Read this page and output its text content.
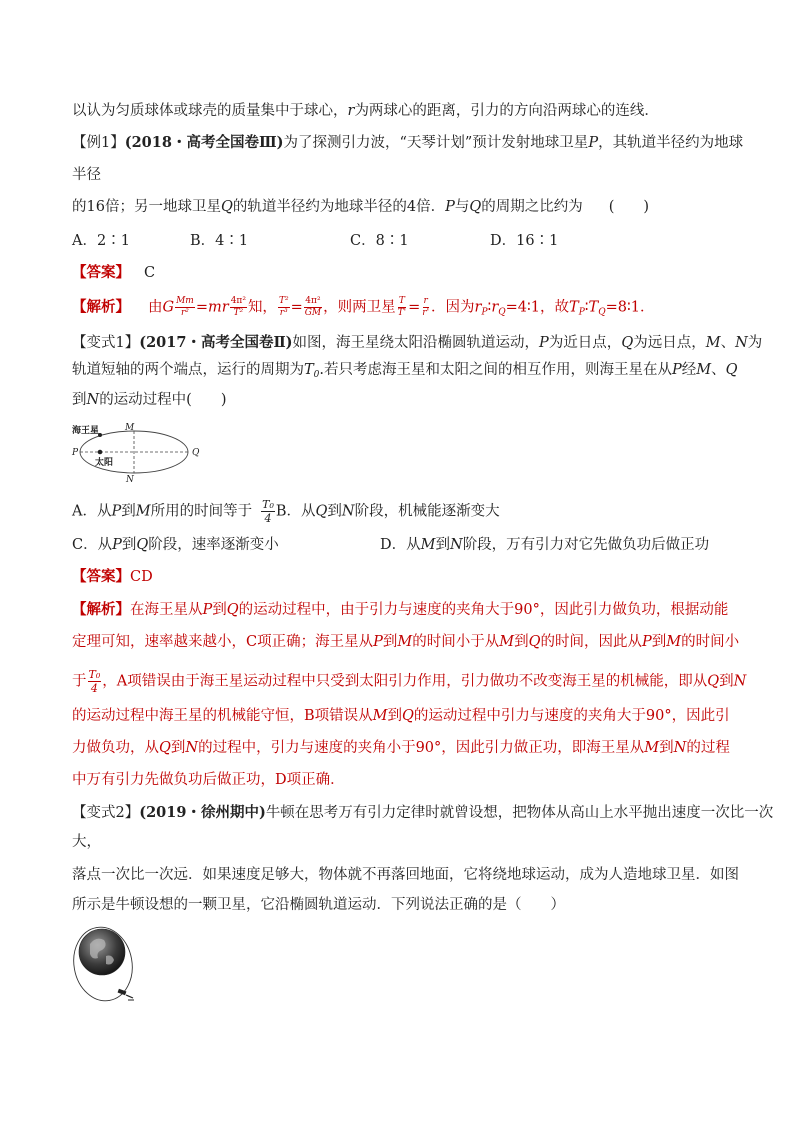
以认为匀质球体或球壳的质量集中于球心，r为两球心的距离，引力的方向沿两球心的连线．
【例1】(2018・高考全国卷Ⅲ)为了探测引力波，“天琴计划”预计发射地球卫星P，其轨道半径约为地球
半径
的16倍；另一地球卫星Q的轨道半径约为地球半径的4倍．P与Q的周期之比约为 (　　)
A．2∶1	B．4∶1	C．8∶1	D．16∶1
【答案】 C
【解析】 由G $\frac{Mm}{\text{r²}} =mr \frac{\text{4π²}}{\text{T²}}$ 知， $\frac{\text{T²}}{\text{r³}} = \frac{\text{4π²}}{GM}$ ，则两卫星 $\frac{T}{T'} = \frac{r}{r'}$ ．因为$r_P∶r_Q=4∶1$，故$T_P∶T_Q=8∶1$．
【变式1】(2017・高考全国卷Ⅱ)如图，海王星绕太阳沿椭圆轨道运动，P为近日点，Q为远日点，M、N为
轨道短轴的两个端点，运行的周期为$T_0$.若只考虑海王星和太阳之间的相互作用，则海王星在从P经M、Q
到N的运动过程中(　　)
海王星
太阳
M
N
P	Q
A．从P到M所用的时间等于 $\frac{\text{T₀}}{4}$ B．从Q到N阶段，机械能逐渐变大
C．从P到Q阶段，速率逐渐变小	D．从M到N阶段，万有引力对它先做负功后做正功
【答案】CD
【解析】在海王星从P到Q的运动过程中，由于引力与速度的夹角大于90°，因此引力做负功，根据动能
定理可知，速率越来越小，C项正确；海王星从P到M的时间小于从M到Q的时间，因此从P到M的时间小
于 $\frac{\text{T₀}}{4}$ ，A项错误由于海王星运动过程中只受到太阳引力作用，引力做功不改变海王星的机械能，即从Q到N
的运动过程中海王星的机械能守恒，B项错误从M到Q的运动过程中引力与速度的夹角大于90°，因此引
力做负功，从Q到N的过程中，引力与速度的夹角小于90°，因此引力做正功，即海王星从M到N的过程
中万有引力先做负功后做正功，D项正确．
【变式2】(2019・徐州期中)牛顿在思考万有引力定律时就曾设想，把物体从高山上水平抛出速度一次比一次
大，
落点一次比一次远．如果速度足够大，物体就不再落回地面，它将绕地球运动，成为人造地球卫星．如图
所示是牛顿设想的一颗卫星，它沿椭圆轨道运动．下列说法正确的是（　　）
